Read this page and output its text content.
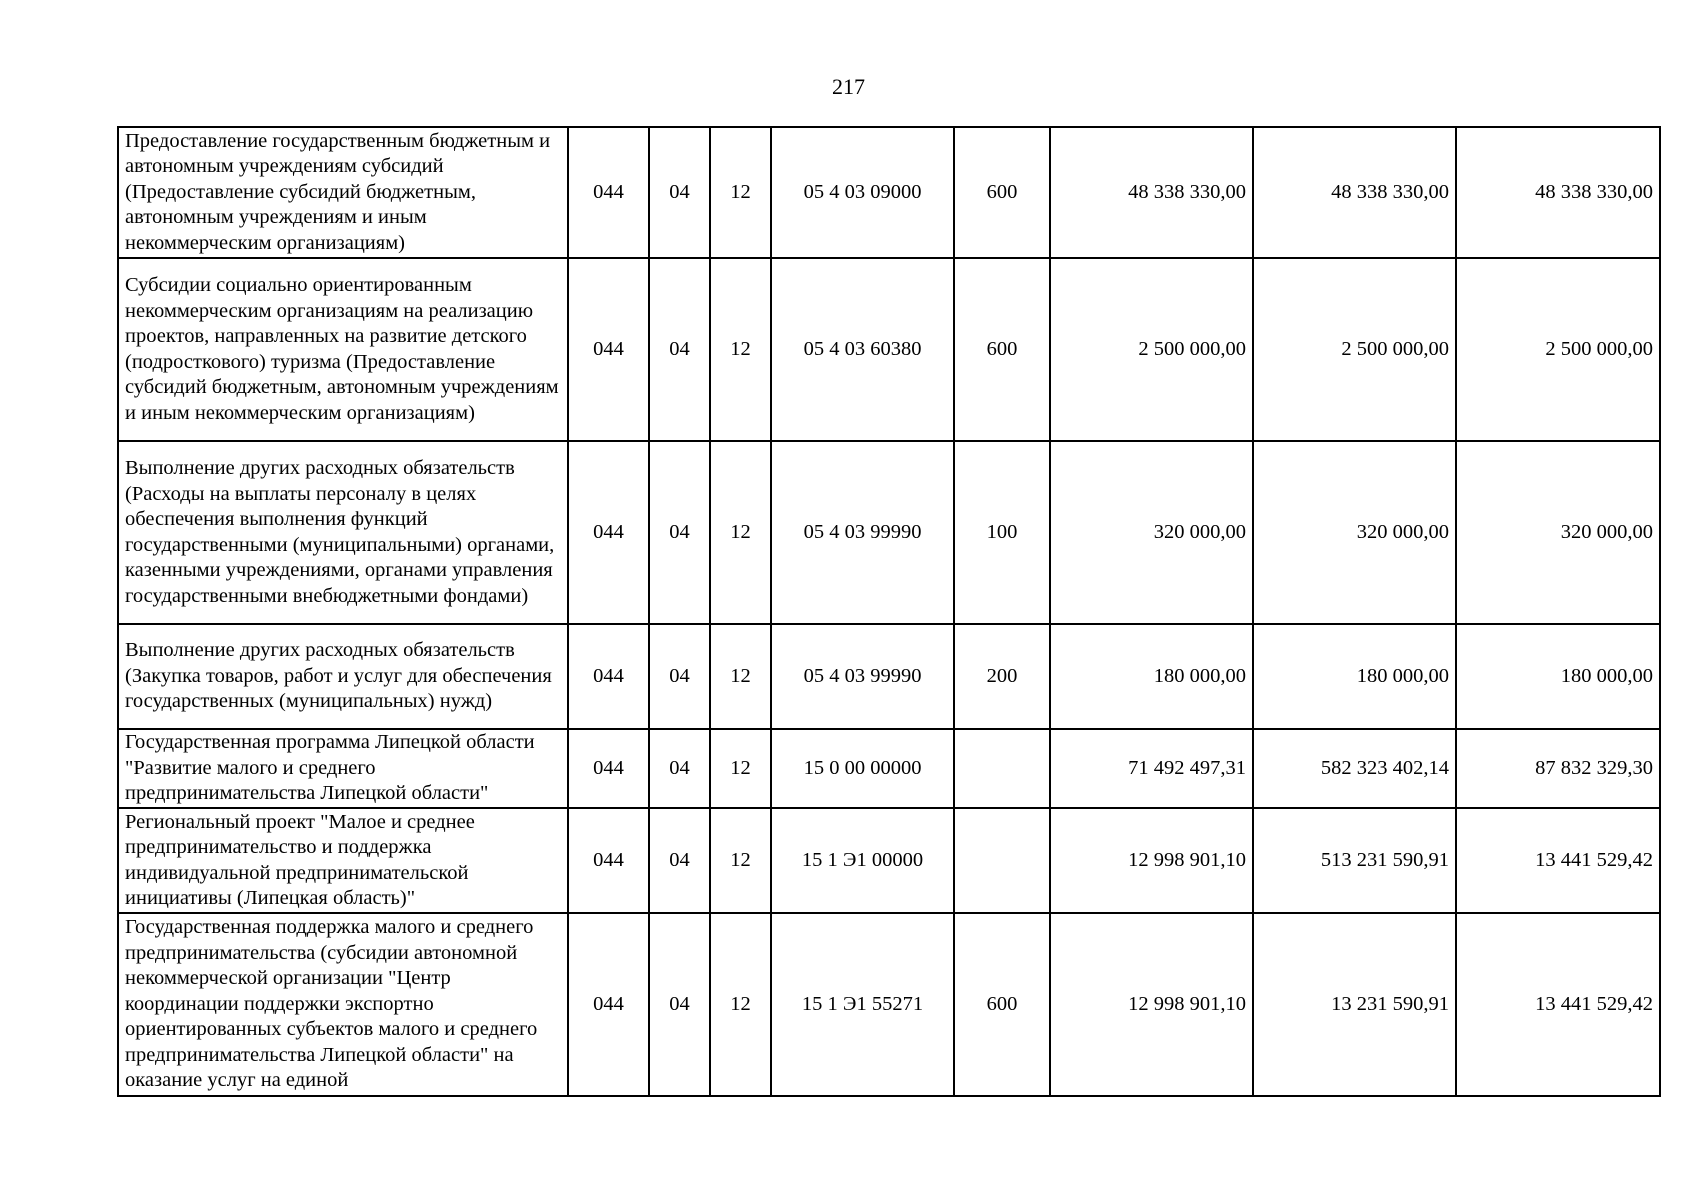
217
Предоставление государственным бюджетным и автономным учреждениям субсидий (Предоставление субсидий бюджетным, автономным учреждениям и иным некоммерческим организациям)	044	04	12	05 4 03 09000	600	48 338 330,00	48 338 330,00	48 338 330,00
Субсидии социально ориентированным некоммерческим организациям на реализацию проектов, направленных на развитие детского (подросткового) туризма (Предоставление субсидий бюджетным, автономным учреждениям и иным некоммерческим организациям)	044	04	12	05 4 03 60380	600	2 500 000,00	2 500 000,00	2 500 000,00
Выполнение других расходных обязательств (Расходы на выплаты персоналу в целях обеспечения выполнения функций государственными (муниципальными) органами, казенными учреждениями, органами управления государственными внебюджетными фондами)	044	04	12	05 4 03 99990	100	320 000,00	320 000,00	320 000,00
Выполнение других расходных обязательств (Закупка товаров, работ и услуг для обеспечения государственных (муниципальных) нужд)	044	04	12	05 4 03 99990	200	180 000,00	180 000,00	180 000,00
Государственная программа Липецкой области "Развитие малого и среднего предпринимательства Липецкой области"	044	04	12	15 0 00 00000		71 492 497,31	582 323 402,14	87 832 329,30
Региональный проект "Малое и среднее предпринимательство и поддержка индивидуальной предпринимательской инициативы (Липецкая область)"	044	04	12	15 1 Э1 00000		12 998 901,10	513 231 590,91	13 441 529,42
Государственная поддержка малого и среднего предпринимательства (субсидии автономной некоммерческой организации "Центр координации поддержки экспортно ориентированных субъектов малого и среднего предпринимательства Липецкой области" на оказание услуг на единой	044	04	12	15 1 Э1 55271	600	12 998 901,10	13 231 590,91	13 441 529,42
